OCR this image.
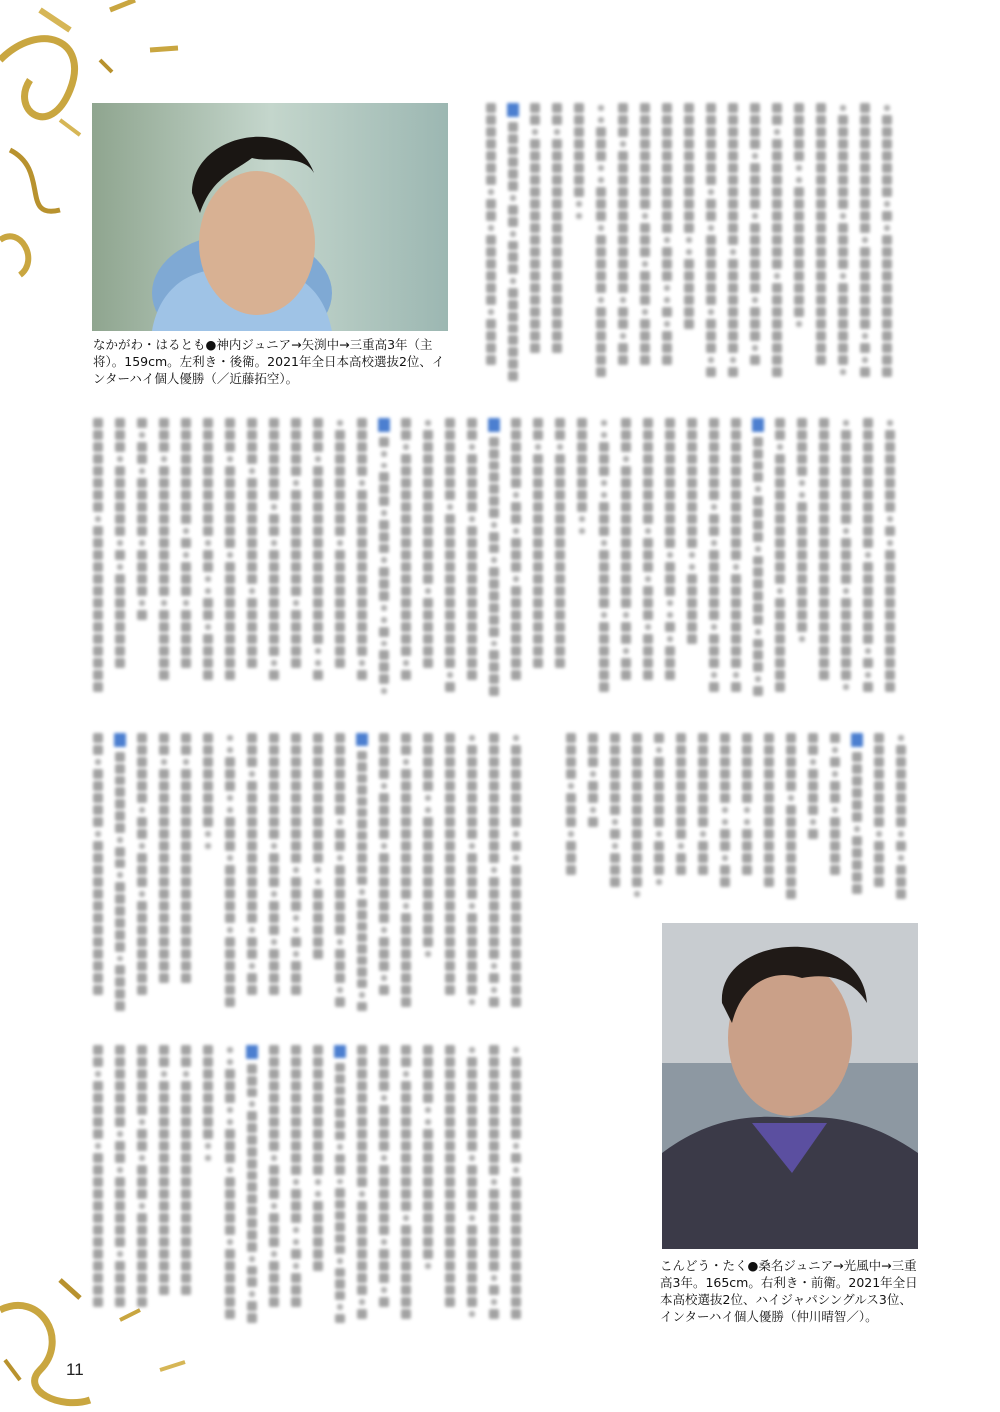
なかがわ・はるとも●神内ジュニア→矢渕中→三重高3年（主将）。159cm。左利き・後衛。2021年全日本高校選抜2位、インターハイ個人優勝（／近藤拓空）。
こんどう・たく●桑名ジュニア→光風中→三重高3年。165cm。右利き・前衛。2021年全日本高校選抜2位、ハイジャパシングルス3位、インターハイ個人優勝（仲川晴智／）。
11
